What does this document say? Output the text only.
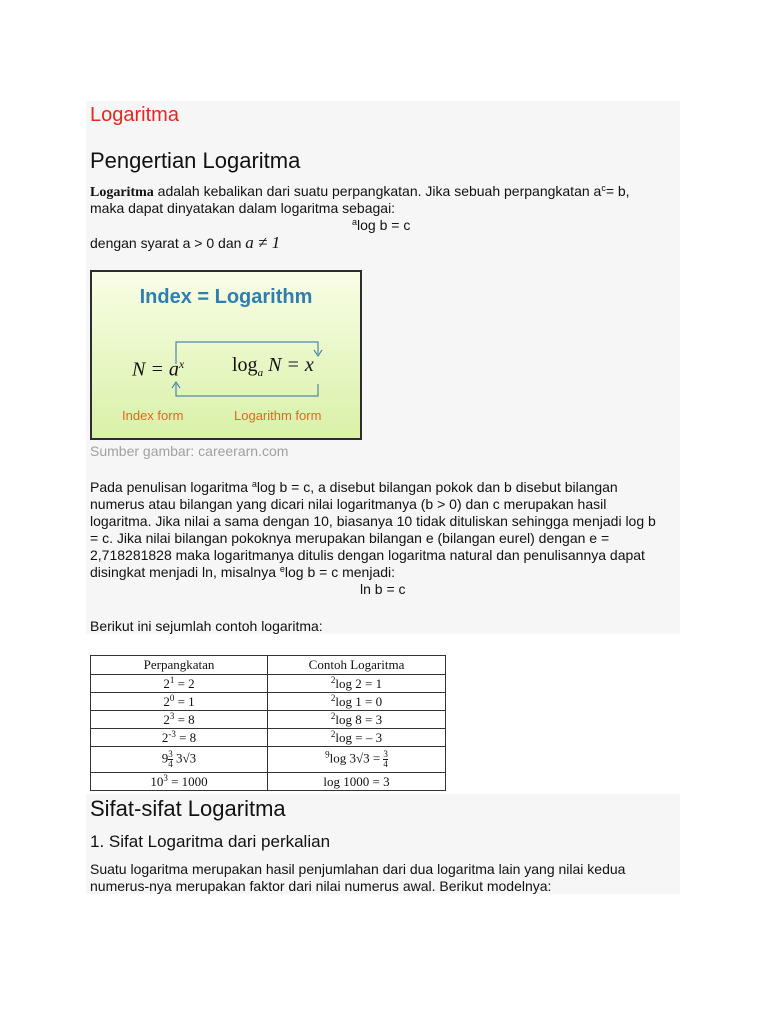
Logaritma
Pengertian Logaritma
Logaritma adalah kebalikan dari suatu perpangkatan. Jika sebuah perpangkatan $a^c= b$,
maka dapat dinyatakan dalam logaritma sebagai:
$^a$log b = c
dengan syarat a > 0 dan a ≠ 1
Index = Logarithm
$N = a^x$ $\log_a N = x$
Index form	Logarithm form
Sumber gambar: careerarn.com
Pada penulisan logaritma $^a$log b = c, a disebut bilangan pokok dan b disebut bilangan
numerus atau bilangan yang dicari nilai logaritmanya (b > 0) dan c merupakan hasil
logaritma. Jika nilai a sama dengan 10, biasanya 10 tidak dituliskan sehingga menjadi log b
= c. Jika nilai bilangan pokoknya merupakan bilangan e (bilangan eurel) dengan e =
2,718281828 maka logaritmanya ditulis dengan logaritma natural dan penulisannya dapat
disingkat menjadi ln, misalnya $^e$log b = c menjadi:
ln b = c
Berikut ini sejumlah contoh logaritma:
Perpangkatan	Contoh Logaritma
$2^1 = 2$	$^2$log 2 = 1
$2^0 = 1$	$^2$log 1 = 0
$2^3 = 8$	$^2$log 8 = 3
$2^{-3} = 8$	$^2$log = – 3
$9 \frac{3}{4} 3√3$	$^9$log $3√3 = \frac{3}{4}$

$10^3 = 1000$	log 1000 = 3
Sifat-sifat Logaritma
1. Sifat Logaritma dari perkalian
Suatu logaritma merupakan hasil penjumlahan dari dua logaritma lain yang nilai kedua
numerus-nya merupakan faktor dari nilai numerus awal. Berikut modelnya:
